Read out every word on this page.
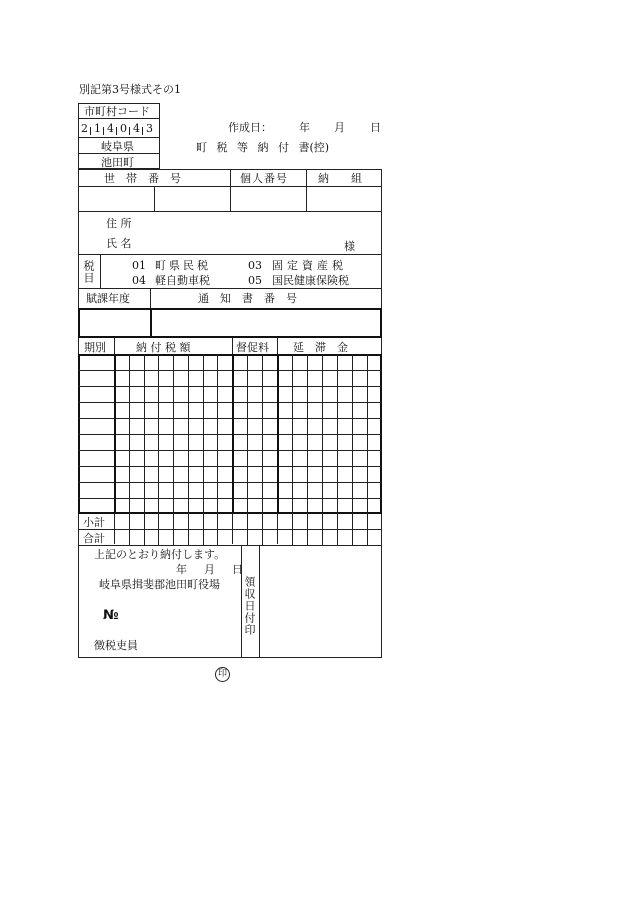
別記第3号様式その1
市町村コード
2 1 4 0 4 3
岐阜県
池田町
作成日： 年 月 日
町 税 等 納 付 書(控)
世　帯　番　号	個人番号	納　　組
住 所
氏 名	様
税目	01 町県民税	03 固定資産税
04 軽自動車税	05 国民健康保険税
賦課年度	通　知　書　番　号
期別	納 付 税 額	督促料 延　滞　金
小計
合計
上記のとおり納付します。
年 月 日
岐阜県揖斐郡池田町役場
№
徴税吏員
領収日付印
印
